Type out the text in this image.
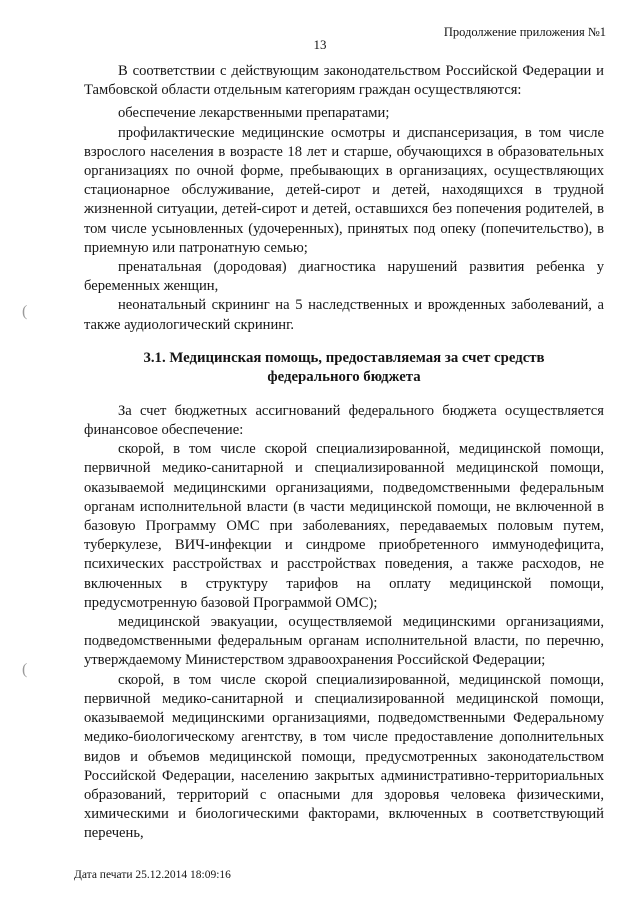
Продолжение приложения №1
13
(
(

В соответствии с действующим законодательством Российской Федерации и Тамбовской области отдельным категориям граждан осуществляются:

обеспечение лекарственными препаратами;

профилактические медицинские осмотры и диспансеризация, в том числе взрослого населения в возрасте 18 лет и старше, обучающихся в образовательных организациях по очной форме, пребывающих в организациях, осуществляющих стационарное обслуживание, детей-сирот и детей, находящихся в трудной жизненной ситуации, детей-сирот и детей, оставшихся без попечения родителей, в том числе усыновленных (удочеренных), принятых под опеку (попечительство), в приемную или патронатную семью;

пренатальная (дородовая) диагностика нарушений развития ребенка у беременных женщин,

неонатальный скрининг на 5 наследственных и врожденных заболеваний, а также аудиологический скрининг.

3.1. Медицинская помощь, предоставляемая за счет средств федерального бюджета

За счет бюджетных ассигнований федерального бюджета осуществляется финансовое обеспечение:

скорой, в том числе скорой специализированной, медицинской помощи, первичной медико-санитарной и специализированной медицинской помощи, оказываемой медицинскими организациями, подведомственными федеральным органам исполнительной власти (в части медицинской помощи, не включенной в базовую Программу ОМС при заболеваниях, передаваемых половым путем, туберкулезе, ВИЧ-инфекции и синдроме приобретенного иммунодефицита, психических расстройствах и расстройствах поведения, а также расходов, не включенных в структуру тарифов на оплату медицинской помощи, предусмотренную базовой Программой ОМС);

медицинской эвакуации, осуществляемой медицинскими организациями, подведомственными федеральным органам исполнительной власти, по перечню, утверждаемому Министерством здравоохранения Российской Федерации;

скорой, в том числе скорой специализированной, медицинской помощи, первичной медико-санитарной и специализированной медицинской помощи, оказываемой медицинскими организациями, подведомственными Федеральному медико-биологическому агентству, в том числе предоставление дополнительных видов и объемов медицинской помощи, предусмотренных законодательством Российской Федерации, населению закрытых административно-территориальных образований, территорий с опасными для здоровья человека физическими, химическими и биологическими факторами, включенных в соответствующий перечень,

Дата печати 25.12.2014 18:09:16
